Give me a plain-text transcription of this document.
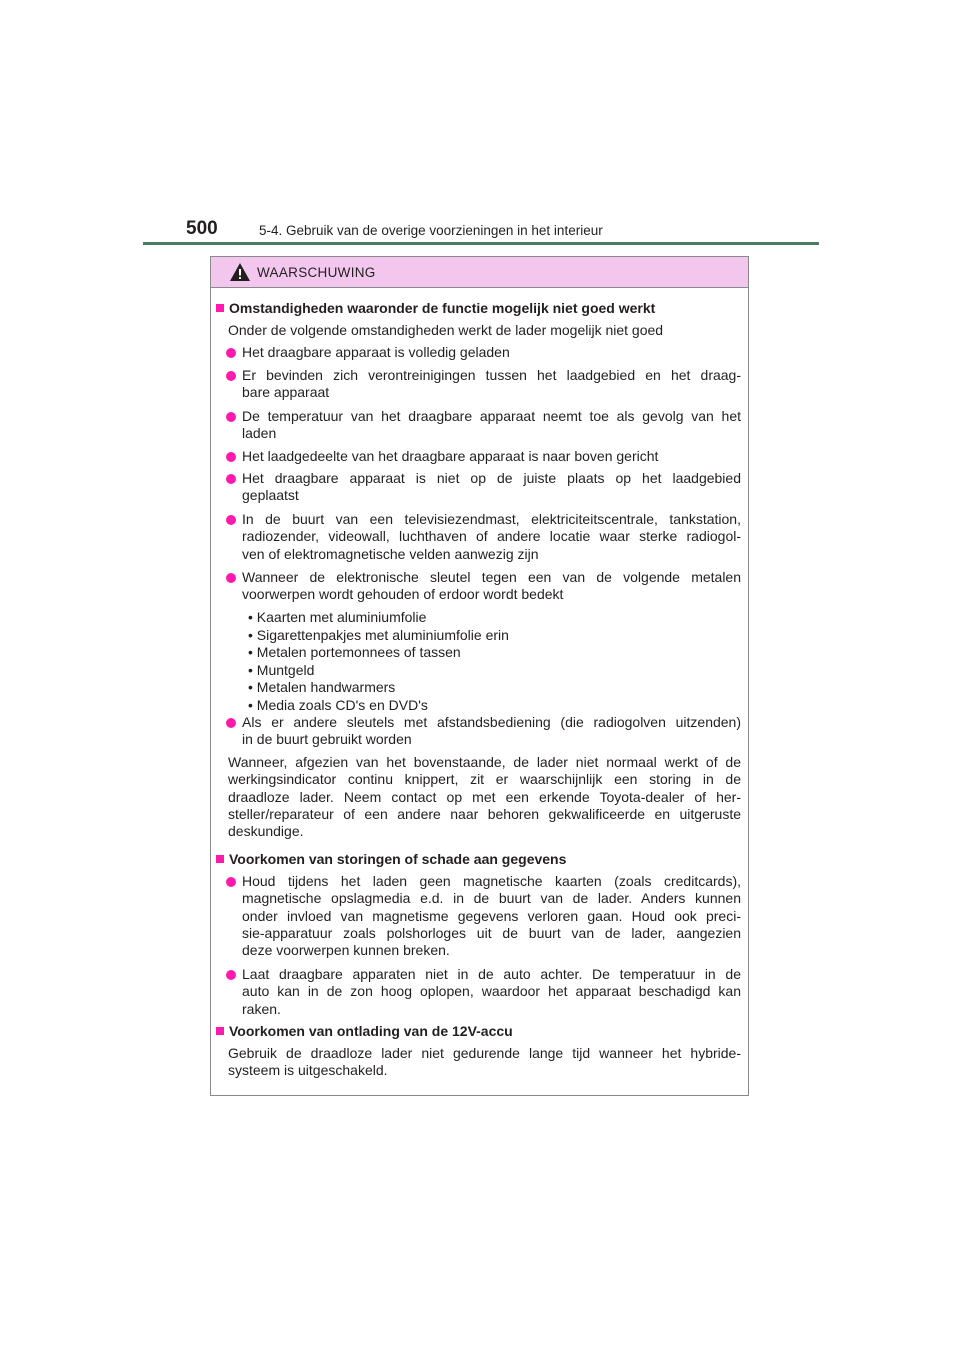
500	5-4. Gebruik van de overige voorzieningen in het interieur
WAARSCHUWING
Omstandigheden waaronder de functie mogelijk niet goed werkt
Onder de volgende omstandigheden werkt de lader mogelijk niet goed
Het draagbare apparaat is volledig geladen
Er bevinden zich verontreinigingen tussen het laadgebied en het draag-
bare apparaat
De temperatuur van het draagbare apparaat neemt toe als gevolg van het
laden
Het laadgedeelte van het draagbare apparaat is naar boven gericht
Het draagbare apparaat is niet op de juiste plaats op het laadgebied
geplaatst
In de buurt van een televisiezendmast, elektriciteitscentrale, tankstation,
radiozender, videowall, luchthaven of andere locatie waar sterke radiogol-
ven of elektromagnetische velden aanwezig zijn
Wanneer de elektronische sleutel tegen een van de volgende metalen
voorwerpen wordt gehouden of erdoor wordt bedekt
• Kaarten met aluminiumfolie
• Sigarettenpakjes met aluminiumfolie erin
• Metalen portemonnees of tassen
• Muntgeld
• Metalen handwarmers
• Media zoals CD's en DVD's
Als er andere sleutels met afstandsbediening (die radiogolven uitzenden)
in de buurt gebruikt worden
Wanneer, afgezien van het bovenstaande, de lader niet normaal werkt of de
werkingsindicator continu knippert, zit er waarschijnlijk een storing in de
draadloze lader. Neem contact op met een erkende Toyota-dealer of her-
steller/reparateur of een andere naar behoren gekwalificeerde en uitgeruste
deskundige.
Voorkomen van storingen of schade aan gegevens
Houd tijdens het laden geen magnetische kaarten (zoals creditcards),
magnetische opslagmedia e.d. in de buurt van de lader. Anders kunnen
onder invloed van magnetisme gegevens verloren gaan. Houd ook preci-
sie-apparatuur zoals polshorloges uit de buurt van de lader, aangezien
deze voorwerpen kunnen breken.
Laat draagbare apparaten niet in de auto achter. De temperatuur in de
auto kan in de zon hoog oplopen, waardoor het apparaat beschadigd kan
raken.
Voorkomen van ontlading van de 12V-accu
Gebruik de draadloze lader niet gedurende lange tijd wanneer het hybride-
systeem is uitgeschakeld.
